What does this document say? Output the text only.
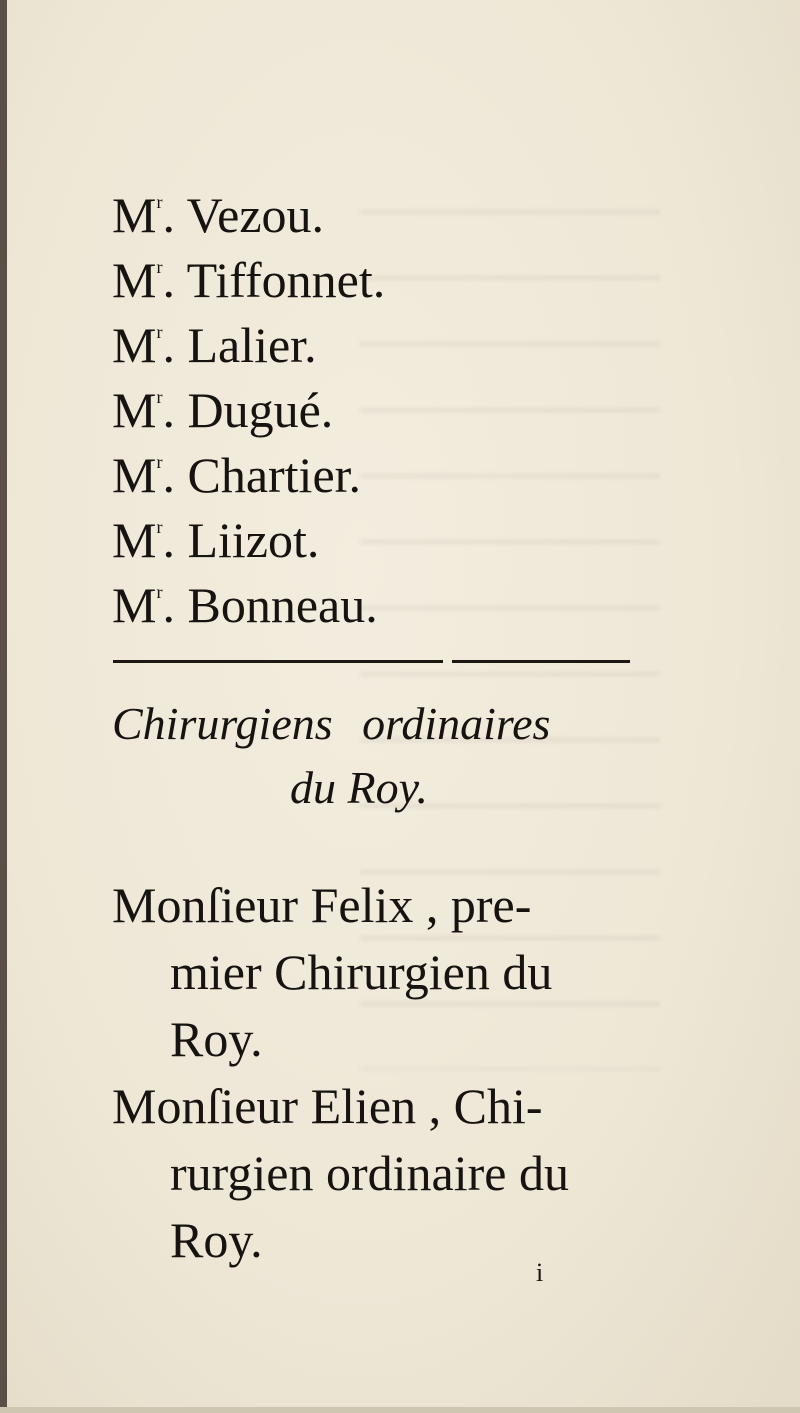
$M^r$. Vezou.
$M^r$. Tiffonnet.
$M^r$. Lalier.
$M^r$. Dugué.
$M^r$. Chartier.
$M^r$. Liizot.
$M^r$. Bonneau.
Chirurgiens ordinaires
du Roy.
Monſieur Felix , pre-
mier Chirurgien du
Roy.
Monſieur Elien , Chi-
rurgien ordinaire du
Roy.
i
